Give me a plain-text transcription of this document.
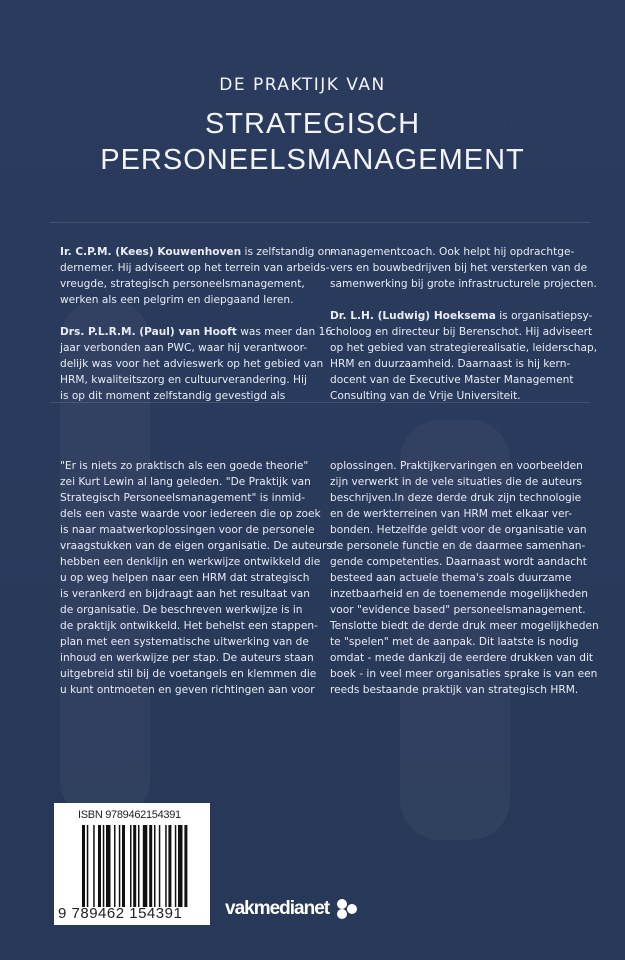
DE PRAKTIJK VAN
STRATEGISCH
PERSONEELSMANAGEMENT
Ir. C.P.M. (Kees) Kouwenhoven is zelfstandig on-
dernemer. Hij adviseert op het terrein van arbeids-
vreugde, strategisch personeelsmanagement,
werken als een pelgrim en diepgaand leren.
Drs. P.L.R.M. (Paul) van Hooft was meer dan 16
jaar verbonden aan PWC, waar hij verantwoor-
delijk was voor het advieswerk op het gebied van
HRM, kwaliteitszorg en cultuurverandering. Hij
is op dit moment zelfstandig gevestigd als
managementcoach. Ook helpt hij opdrachtge-
vers en bouwbedrijven bij het versterken van de
samenwerking bij grote infrastructurele projecten.
Dr. L.H. (Ludwig) Hoeksema is organisatiepsy-
choloog en directeur bij Berenschot. Hij adviseert
op het gebied van strategierealisatie, leiderschap,
HRM en duurzaamheid. Daarnaast is hij kern-
docent van de Executive Master Management
Consulting van de Vrije Universiteit.
"Er is niets zo praktisch als een goede theorie"
zei Kurt Lewin al lang geleden. "De Praktijk van
Strategisch Personeelsmanagement" is inmid-
dels een vaste waarde voor iedereen die op zoek
is naar maatwerkoplossingen voor de personele
vraagstukken van de eigen organisatie. De auteurs
hebben een denklijn en werkwijze ontwikkeld die
u op weg helpen naar een HRM dat strategisch
is verankerd en bijdraagt aan het resultaat van
de organisatie. De beschreven werkwijze is in
de praktijk ontwikkeld. Het behelst een stappen-
plan met een systematische uitwerking van de
inhoud en werkwijze per stap. De auteurs staan
uitgebreid stil bij de voetangels en klemmen die
u kunt ontmoeten en geven richtingen aan voor
oplossingen. Praktijkervaringen en voorbeelden
zijn verwerkt in de vele situaties die de auteurs
beschrijven.In deze derde druk zijn technologie
en de werkterreinen van HRM met elkaar ver-
bonden. Hetzelfde geldt voor de organisatie van
de personele functie en de daarmee samenhan-
gende competenties. Daarnaast wordt aandacht
besteed aan actuele thema's zoals duurzame
inzetbaarheid en de toenemende mogelijkheden
voor "evidence based" personeelsmanagement.
Tenslotte biedt de derde druk meer mogelijkheden
te "spelen" met de aanpak. Dit laatste is nodig
omdat - mede dankzij de eerdere drukken van dit
boek - in veel meer organisaties sprake is van een
reeds bestaande praktijk van strategisch HRM.
ISBN 9789462154391
9 789462 154391 vakmedianet
